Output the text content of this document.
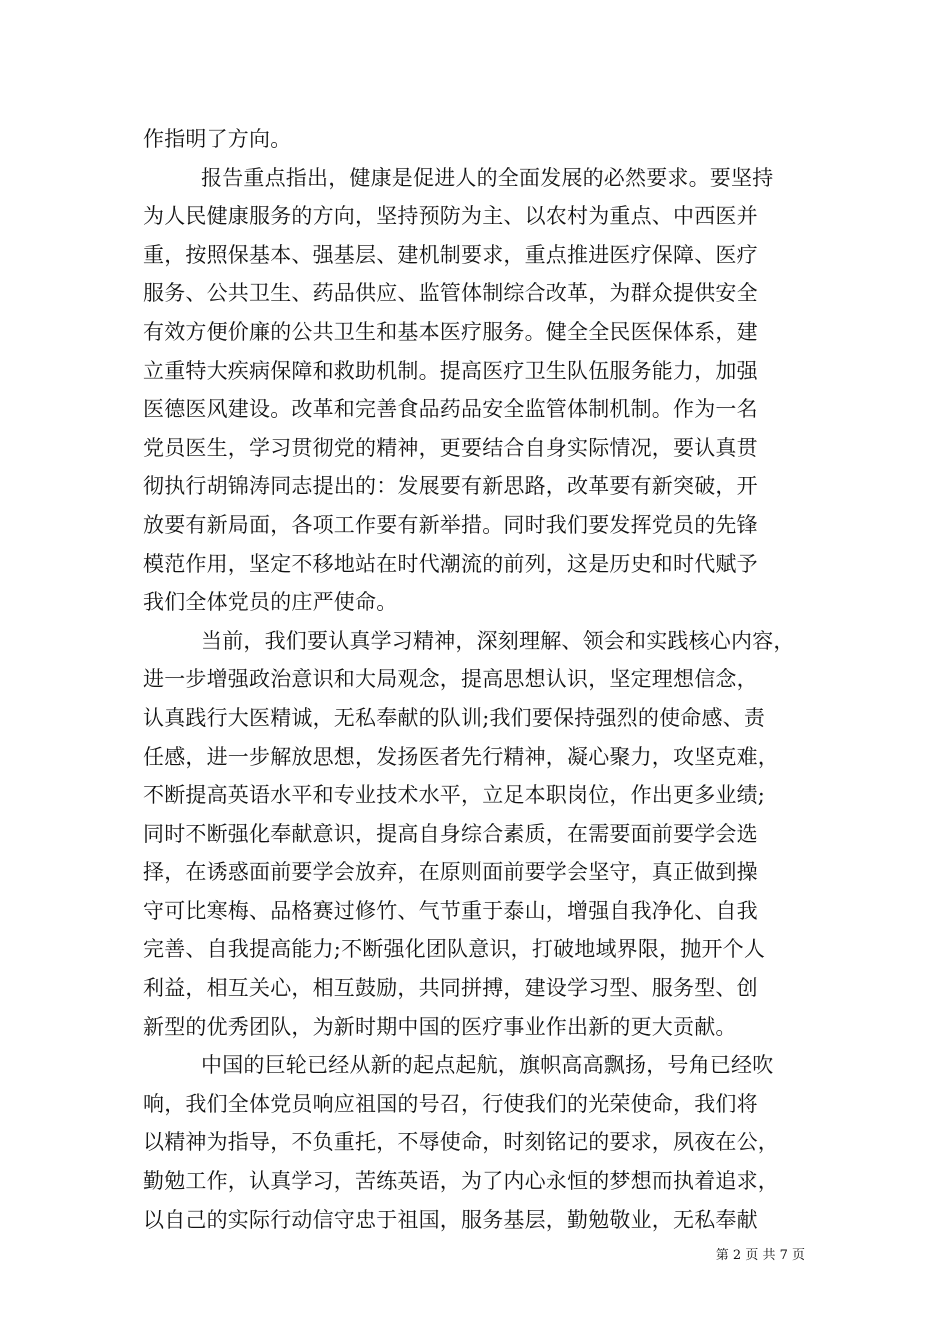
作指明了方向。
报告重点指出，健康是促进人的全面发展的必然要求。要坚持
为人民健康服务的方向，坚持预防为主、以农村为重点、中西医并
重，按照保基本、强基层、建机制要求，重点推进医疗保障、医疗
服务、公共卫生、药品供应、监管体制综合改革，为群众提供安全
有效方便价廉的公共卫生和基本医疗服务。健全全民医保体系，建
立重特大疾病保障和救助机制。提高医疗卫生队伍服务能力，加强
医德医风建设。改革和完善食品药品安全监管体制机制。作为一名
党员医生，学习贯彻党的精神，更要结合自身实际情况，要认真贯
彻执行胡锦涛同志提出的：发展要有新思路，改革要有新突破，开
放要有新局面，各项工作要有新举措。同时我们要发挥党员的先锋
模范作用，坚定不移地站在时代潮流的前列，这是历史和时代赋予
我们全体党员的庄严使命。
当前，我们要认真学习精神，深刻理解、领会和实践核心内容，
进一步增强政治意识和大局观念，提高思想认识，坚定理想信念，
认真践行大医精诚，无私奉献的队训;我们要保持强烈的使命感、责
任感，进一步解放思想，发扬医者先行精神，凝心聚力，攻坚克难，
不断提高英语水平和专业技术水平，立足本职岗位，作出更多业绩;
同时不断强化奉献意识，提高自身综合素质，在需要面前要学会选
择，在诱惑面前要学会放弃，在原则面前要学会坚守，真正做到操
守可比寒梅、品格赛过修竹、气节重于泰山，增强自我净化、自我
完善、自我提高能力;不断强化团队意识，打破地域界限，抛开个人
利益，相互关心，相互鼓励，共同拼搏，建设学习型、服务型、创
新型的优秀团队，为新时期中国的医疗事业作出新的更大贡献。
中国的巨轮已经从新的起点起航，旗帜高高飘扬，号角已经吹
响，我们全体党员响应祖国的号召，行使我们的光荣使命，我们将
以精神为指导，不负重托，不辱使命，时刻铭记的要求，夙夜在公，
勤勉工作，认真学习，苦练英语，为了内心永恒的梦想而执着追求，
以自己的实际行动信守忠于祖国，服务基层，勤勉敬业，无私奉献
第 2 页 共 7 页
